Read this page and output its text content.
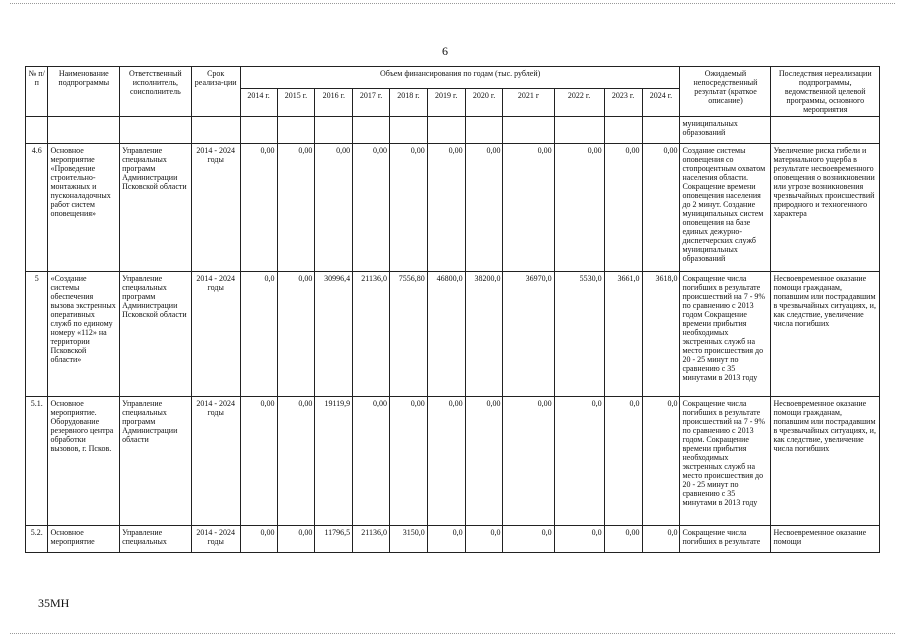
6
№ п/п	Наименование подпрограммы	Ответственный исполнитель, соисполнитель	Срок реализа-ции	Объем финансирования по годам (тыс. рублей)											Ожидаемый непосредственный результат (краткое описание)	Последствия нереализации подпрограммы, ведомственной целевой программы, основного мероприятия
				2014 г.	2015 г.	2016 г.	2017 г.	2018 г.	2019 г.	2020 г.	2021 г	2022 г.	2023 г.	2024 г.		
															муниципальных образований	
4.6	Основное мероприятие «Проведение строительно-монтажных и пусконаладочных работ систем оповещения»	Управление специальных программ Администрации Псковской области	2014 - 2024 годы	0,00	0,00	0,00	0,00	0,00	0,00	0,00	0,00	0,00	0,00	0,00	Создание системы оповещения со стопроцентным охватом населения области. Сокращение времени оповещения населения до 2 минут. Создание муниципальных систем оповещения на базе единых дежурно-диспетчерских служб муниципальных образований	Увеличение риска гибели и материального ущерба в результате несвоевременного оповещения о возникновении или угрозе возникновения чрезвычайных происшествий природного и техногенного характера
5	«Создание системы обеспечения вызова экстренных оперативных служб по единому номеру «112» на территории Псковской области»	Управление специальных программ Администрации Псковской области	2014 - 2024 годы	0,0	0,00	30996,4	21136,0	7556,80	46800,0	38200,0	36970,0	5530,0	3661,0	3618,0	Сокращение числа погибших в результате происшествий на 7 - 9% по сравнению с 2013 годом Сокращение времени прибытия необходимых экстренных служб на место происшествия до 20 - 25 минут по сравнению с 35 минутами в 2013 году	Несвоевременное оказание помощи гражданам, попавшим или пострадавшим в чрезвычайных ситуациях, и, как следствие, увеличение числа погибших
5.1.	Основное мероприятие. Оборудование резервного центра обработки вызовов, г. Псков.	Управление специальных программ Администрации области	2014 - 2024 годы	0,00	0,00	19119,9	0,00	0,00	0,00	0,00	0,00	0,0	0,0	0,0	Сокращение числа погибших в результате происшествий на 7 - 9% по сравнению с 2013 годом. Сокращение времени прибытия необходимых экстренных служб на место происшествия до 20 - 25 минут по сравнению с 35 минутами в 2013 году	Несвоевременное оказание помощи гражданам, попавшим или пострадавшим в чрезвычайных ситуациях, и, как следствие, увеличение числа погибших
5.2.	Основное мероприятие	Управление специальных	2014 - 2024 годы	0,00	0,00	11796,5	21136,0	3150,0	0,0	0,0	0,0	0,0	0,00	0,0	Сокращение числа погибших в результате	Несвоевременное оказание помощи
35МН
